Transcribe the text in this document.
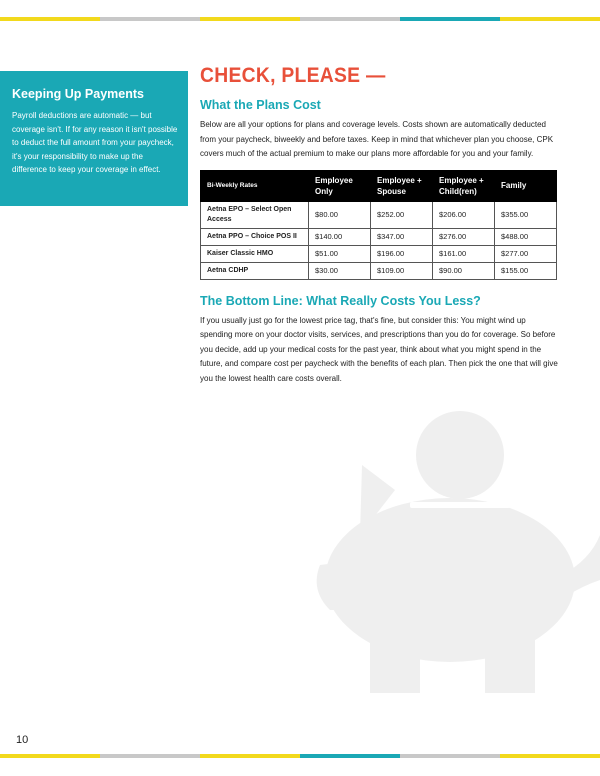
Keeping Up Payments

Payroll deductions are automatic — but coverage isn't. If for any reason it isn't possible to deduct the full amount from your paycheck, it's your responsibility to make up the difference to keep your coverage in effect.

CHECK, PLEASE —
What the Plans Cost

Below are all your options for plans and coverage levels. Costs shown are automatically deducted from your paycheck, biweekly and before taxes. Keep in mind that whichever plan you choose, CPK covers much of the actual premium to make our plans more affordable for you and your family.

Bi-Weekly Rates	Employee Only	Employee + Spouse	Employee + Child(ren)	Family
Aetna EPO – Select Open Access	$80.00	$252.00	$206.00	$355.00
Aetna PPO – Choice POS II	$140.00	$347.00	$276.00	$488.00
Kaiser Classic HMO	$51.00	$196.00	$161.00	$277.00
Aetna CDHP	$30.00	$109.00	$90.00	$155.00
The Bottom Line: What Really Costs You Less?

If you usually just go for the lowest price tag, that's fine, but consider this: You might wind up spending more on your doctor visits, services, and prescriptions than you do for coverage. So before you decide, add up your medical costs for the past year, think about what you might spend in the future, and compare cost per paycheck with the benefits of each plan. Then pick the one that will give you the lowest health care costs overall.

10
